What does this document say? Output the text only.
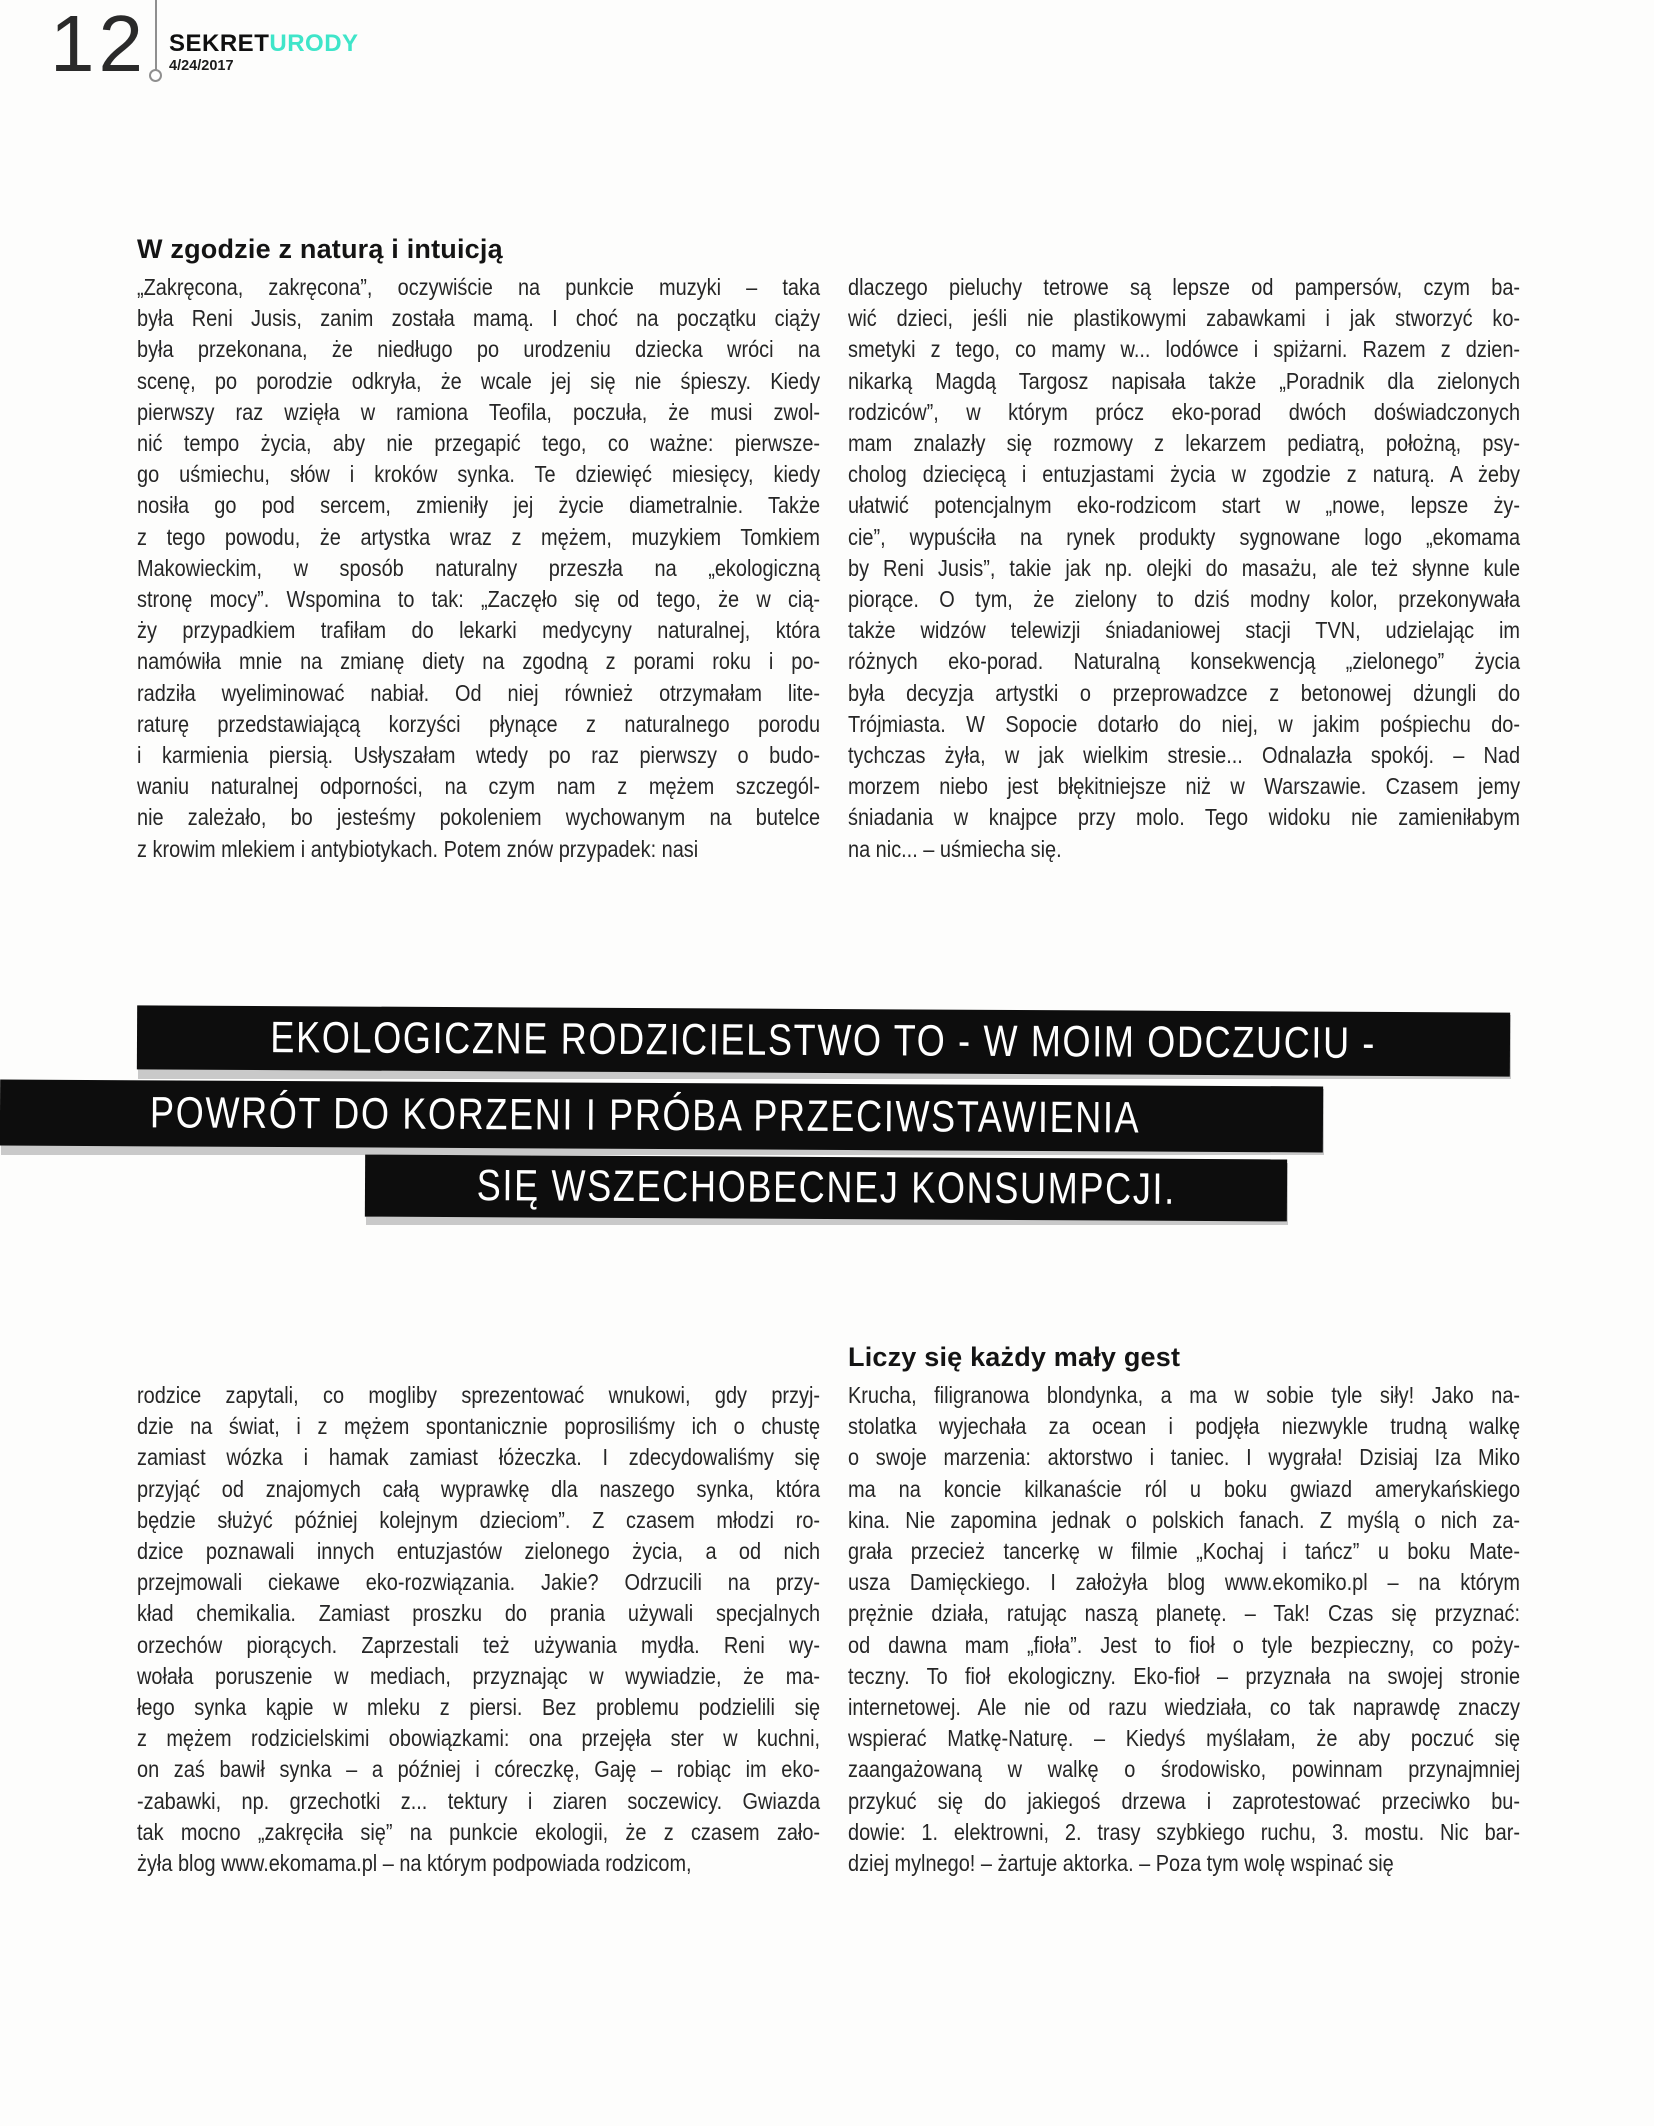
12 SEKRETURODY
4/24/2017
W zgodzie z naturą i intuicją
„Zakręcona, zakręcona”, oczywiście na punkcie muzyki – taka
była Reni Jusis, zanim została mamą. I choć na początku ciąży
była przekonana, że niedługo po urodzeniu dziecka wróci na
scenę, po porodzie odkryła, że wcale jej się nie śpieszy. Kiedy
pierwszy raz wzięła w ramiona Teofila, poczuła, że musi zwol-
nić tempo życia, aby nie przegapić tego, co ważne: pierwsze-
go uśmiechu, słów i kroków synka. Te dziewięć miesięcy, kiedy
nosiła go pod sercem, zmieniły jej życie diametralnie. Także
z tego powodu, że artystka wraz z mężem, muzykiem Tomkiem
Makowieckim, w sposób naturalny przeszła na „ekologiczną
stronę mocy”. Wspomina to tak: „Zaczęło się od tego, że w cią-
ży przypadkiem trafiłam do lekarki medycyny naturalnej, która
namówiła mnie na zmianę diety na zgodną z porami roku i po-
radziła wyeliminować nabiał. Od niej również otrzymałam lite-
raturę przedstawiającą korzyści płynące z naturalnego porodu
i karmienia piersią. Usłyszałam wtedy po raz pierwszy o budo-
waniu naturalnej odporności, na czym nam z mężem szczegól-
nie zależało, bo jesteśmy pokoleniem wychowanym na butelce
z krowim mlekiem i antybiotykach. Potem znów przypadek: nasi
dlaczego pieluchy tetrowe są lepsze od pampersów, czym ba-
wić dzieci, jeśli nie plastikowymi zabawkami i jak stworzyć ko-
smetyki z tego, co mamy w... lodówce i spiżarni. Razem z dzien-
nikarką Magdą Targosz napisała także „Poradnik dla zielonych
rodziców”, w którym prócz eko-porad dwóch doświadczonych
mam znalazły się rozmowy z lekarzem pediatrą, położną, psy-
cholog dziecięcą i entuzjastami życia w zgodzie z naturą. A żeby
ułatwić potencjalnym eko-rodzicom start w „nowe, lepsze ży-
cie”, wypuściła na rynek produkty sygnowane logo „ekomama
by Reni Jusis”, takie jak np. olejki do masażu, ale też słynne kule
piorące. O tym, że zielony to dziś modny kolor, przekonywała
także widzów telewizji śniadaniowej stacji TVN, udzielając im
różnych eko-porad. Naturalną konsekwencją „zielonego” życia
była decyzja artystki o przeprowadzce z betonowej dżungli do
Trójmiasta. W Sopocie dotarło do niej, w jakim pośpiechu do-
tychczas żyła, w jak wielkim stresie... Odnalazła spokój. – Nad
morzem niebo jest błękitniejsze niż w Warszawie. Czasem jemy
śniadania w knajpce przy molo. Tego widoku nie zamieniłabym
na nic... – uśmiecha się.
EKOLOGICZNE RODZICIELSTWO TO - W MOIM ODCZUCIU -
POWRÓT DO KORZENI I PRÓBA PRZECIWSTAWIENIA
SIĘ WSZECHOBECNEJ KONSUMPCJI.
rodzice zapytali, co mogliby sprezentować wnukowi, gdy przyj-
dzie na świat, i z mężem spontanicznie poprosiliśmy ich o chustę
zamiast wózka i hamak zamiast łóżeczka. I zdecydowaliśmy się
przyjąć od znajomych całą wyprawkę dla naszego synka, która
będzie służyć później kolejnym dzieciom”. Z czasem młodzi ro-
dzice poznawali innych entuzjastów zielonego życia, a od nich
przejmowali ciekawe eko-rozwiązania. Jakie? Odrzucili na przy-
kład chemikalia. Zamiast proszku do prania używali specjalnych
orzechów piorących. Zaprzestali też używania mydła. Reni wy-
wołała poruszenie w mediach, przyznając w wywiadzie, że ma-
łego synka kąpie w mleku z piersi. Bez problemu podzielili się
z mężem rodzicielskimi obowiązkami: ona przejęła ster w kuchni,
on zaś bawił synka – a później i córeczkę, Gaję – robiąc im eko-
-zabawki, np. grzechotki z... tektury i ziaren soczewicy. Gwiazda
tak mocno „zakręciła się” na punkcie ekologii, że z czasem zało-
żyła blog www.ekomama.pl – na którym podpowiada rodzicom,
Liczy się każdy mały gest
Krucha, filigranowa blondynka, a ma w sobie tyle siły! Jako na-
stolatka wyjechała za ocean i podjęła niezwykle trudną walkę
o swoje marzenia: aktorstwo i taniec. I wygrała! Dzisiaj Iza Miko
ma na koncie kilkanaście ról u boku gwiazd amerykańskiego
kina. Nie zapomina jednak o polskich fanach. Z myślą o nich za-
grała przecież tancerkę w filmie „Kochaj i tańcz” u boku Mate-
usza Damięckiego. I założyła blog www.ekomiko.pl – na którym
prężnie działa, ratując naszą planetę. – Tak! Czas się przyznać:
od dawna mam „fioła”. Jest to fioł o tyle bezpieczny, co poży-
teczny. To fioł ekologiczny. Eko-fioł – przyznała na swojej stronie
internetowej. Ale nie od razu wiedziała, co tak naprawdę znaczy
wspierać Matkę-Naturę. – Kiedyś myślałam, że aby poczuć się
zaangażowaną w walkę o środowisko, powinnam przynajmniej
przykuć się do jakiegoś drzewa i zaprotestować przeciwko bu-
dowie: 1. elektrowni, 2. trasy szybkiego ruchu, 3. mostu. Nic bar-
dziej mylnego! – żartuje aktorka. – Poza tym wolę wspinać się
